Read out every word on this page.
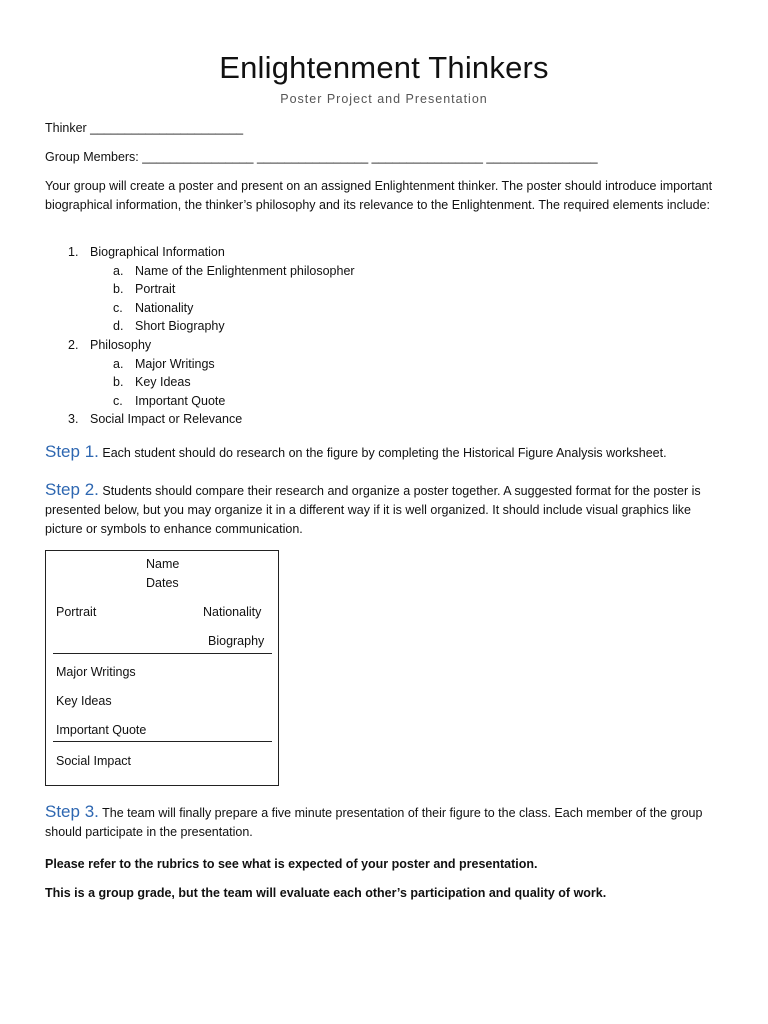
Enlightenment Thinkers
Poster Project and Presentation
Thinker ______________________
Group Members: ________________ ________________ ________________ ________________
Your group will create a poster and present on an assigned Enlightenment thinker. The poster should introduce important biographical information, the thinker’s philosophy and its relevance to the Enlightenment. The required elements include:
1. Biographical Information
a. Name of the Enlightenment philosopher
b. Portrait
c. Nationality
d. Short Biography
2. Philosophy
a. Major Writings
b. Key Ideas
c. Important Quote
3. Social Impact or Relevance
Step 1. Each student should do research on the figure by completing the Historical Figure Analysis worksheet.
Step 2. Students should compare their research and organize a poster together. A suggested format for the poster is presented below, but you may organize it in a different way if it is well organized. It should include visual graphics like picture or symbols to enhance communication.
Name
Dates
Portrait	Nationality
Biography
Major Writings
Key Ideas
Important Quote
Social Impact
Step 3. The team will finally prepare a five minute presentation of their figure to the class. Each member of the group should participate in the presentation.
Please refer to the rubrics to see what is expected of your poster and presentation.
This is a group grade, but the team will evaluate each other’s participation and quality of work.
